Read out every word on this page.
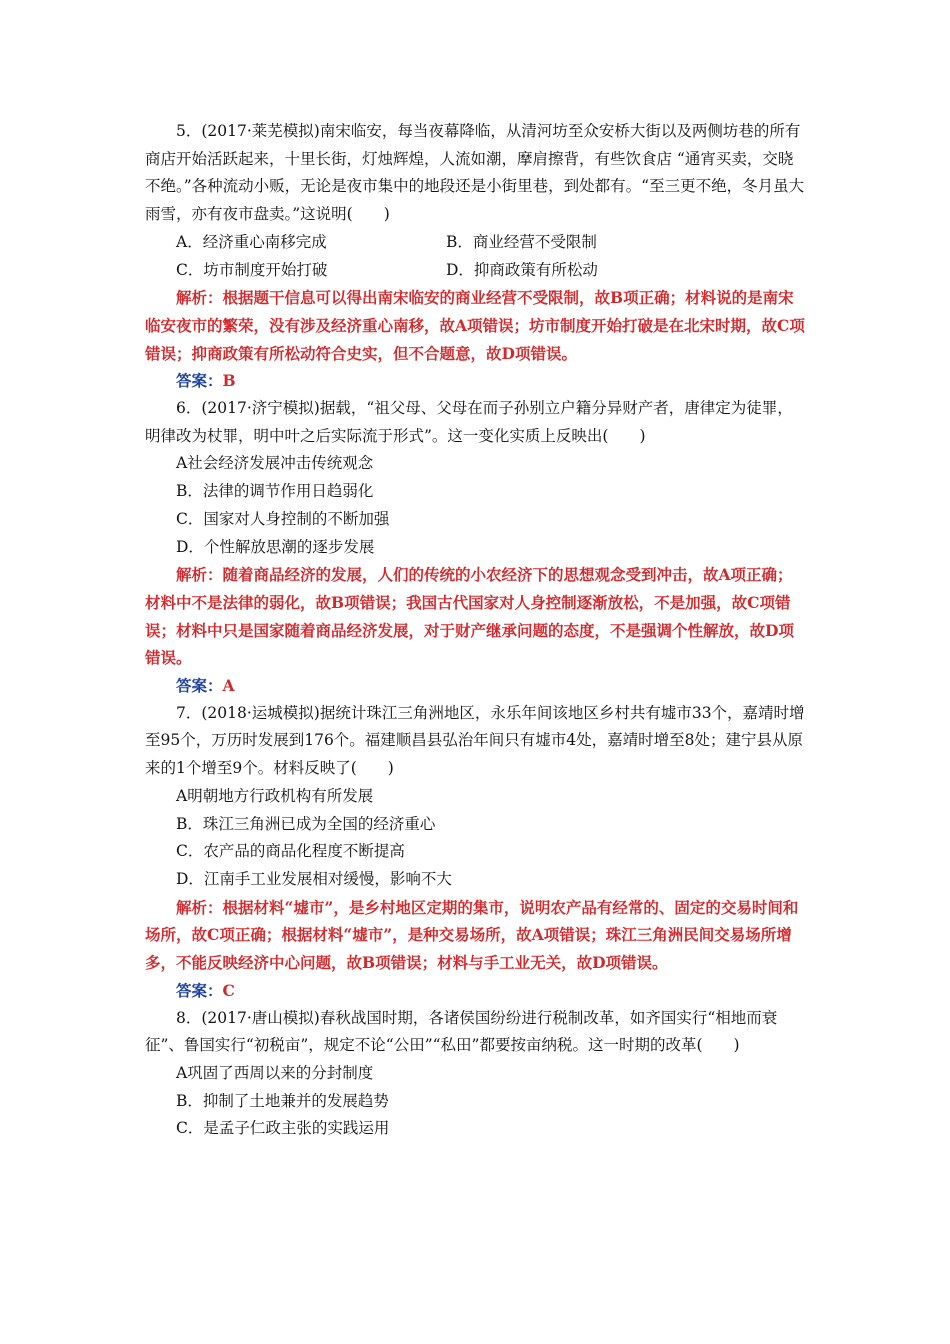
5．(2017·莱芜模拟)南宋临安，每当夜幕降临，从清河坊至众安桥大街以及两侧坊巷的所有商店开始活跃起来，十里长街，灯烛辉煌，人流如潮，摩肩擦背，有些饮食店 “通宵买卖，交晓不绝。”各种流动小贩，无论是夜市集中的地段还是小街里巷，到处都有。“至三更不绝，冬月虽大雨雪，亦有夜市盘卖。”这说明(　　)

A．经济重心南移完成	B．商业经营不受限制
C．坊市制度开始打破	D．抑商政策有所松动

解析：根据题干信息可以得出南宋临安的商业经营不受限制，故B项正确；材料说的是南宋临安夜市的繁荣，没有涉及经济重心南移，故A项错误；坊市制度开始打破是在北宋时期，故C项错误；抑商政策有所松动符合史实，但不合题意，故D项错误。

答案：B

6．(2017·济宁模拟)据载，“祖父母、父母在而子孙别立户籍分异财产者，唐律定为徒罪，明律改为杖罪，明中叶之后实际流于形式”。这一变化实质上反映出(　　)

A社会经济发展冲击传统观念

B．法律的调节作用日趋弱化

C．国家对人身控制的不断加强

D．个性解放思潮的逐步发展

解析：随着商品经济的发展，人们的传统的小农经济下的思想观念受到冲击，故A项正确；材料中不是法律的弱化，故B项错误；我国古代国家对人身控制逐渐放松，不是加强，故C项错误；材料中只是国家随着商品经济发展，对于财产继承问题的态度，不是强调个性解放，故D项错误。

答案：A

7．(2018·运城模拟)据统计珠江三角洲地区，永乐年间该地区乡村共有墟市33个，嘉靖时增至95个，万历时发展到176个。福建顺昌县弘治年间只有墟市4处，嘉靖时增至8处；建宁县从原来的1个增至9个。材料反映了(　　)

A明朝地方行政机构有所发展

B．珠江三角洲已成为全国的经济重心

C．农产品的商品化程度不断提高

D．江南手工业发展相对缓慢，影响不大

解析：根据材料“墟市”，是乡村地区定期的集市，说明农产品有经常的、固定的交易时间和场所，故C项正确；根据材料“墟市”，是种交易场所，故A项错误；珠江三角洲民间交易场所增多，不能反映经济中心问题，故B项错误；材料与手工业无关，故D项错误。

答案：C

8．(2017·唐山模拟)春秋战国时期，各诸侯国纷纷进行税制改革，如齐国实行“相地而衰征”、鲁国实行“初税亩”，规定不论“公田”“私田”都要按亩纳税。这一时期的改革(　　)

A巩固了西周以来的分封制度

B．抑制了土地兼并的发展趋势

C．是孟子仁政主张的实践运用
